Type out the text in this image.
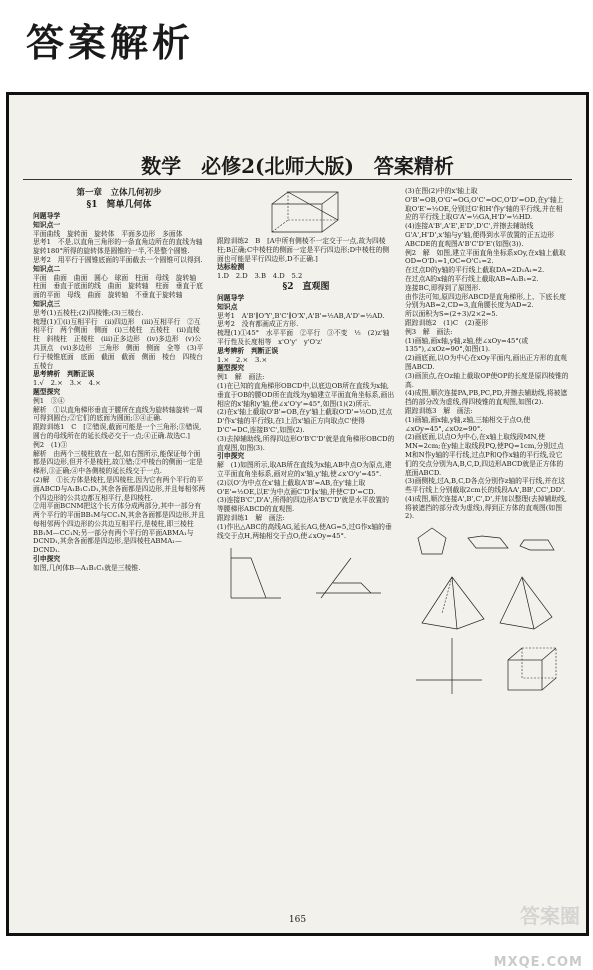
答案解析
数学　必修2(北师大版)　答案精析

第一章　立体几何初步

§1　简单几何体

问题导学

知识点一

平面曲线　旋转面　旋转体　平面多边形　多面体

思考1　不是,以直角三角形的一条直角边所在的直线为轴旋转180°所得的旋转体是圆锥的一半,不是整个圆锥.

思考2　用平行于圆锥底面的平面截去一个圆锥可以得到.

知识点二

平面　曲面　曲面　圆心　球面　柱面　母线　旋转轴　柱面　垂直于底面的线　曲面　旋转轴　柱面　垂直于底面的平面　母线　曲面　旋转轴　不垂直于旋转轴

知识点三

思考(1)五棱柱;(2)四棱锥;(3)三棱台.

梳理(1)①(i)互相平行　(ii)四边形　(iii)互相平行　②互相平行　两个侧面　侧面　(i)三棱柱　五棱柱　(ii)直棱柱　斜棱柱　正棱柱　(iii)正多边形　(iv)多边形　(v)公共顶点　(vi)多边形　三角形　侧面　侧面　全等　(3)平行于棱锥底面　底面　截面　截面　侧面　棱台　四棱台　五棱台

思考辨析　判断正误

1.√　2.×　3.×　4.×

题型探究

例1　③④

解析　①以直角梯形垂直于腰所在直线为旋转轴旋转一周可得到圆台;②它们的底面为圆面;③④正确.

跟踪训练1　C　[②错误,截面可能是一个三角形;③错误,圆台的母线所在的延长线必交于一点;④正确.故选C.]

例2　(1)③

解析　由两个三棱柱放在一起,如右图所示,能保证每个面都是四边形,但并不是棱柱,故①错;②中棱台的侧面一定是梯形,③正确;④中各侧棱的延长线交于一点.

(2)解　①长方体是棱柱,是四棱柱,因为它有两个平行的平面ABCD与A₁B₁C₁D₁,其余各面都是四边形,并且每相邻两个四边形的公共边都互相平行,是四棱柱.

②用平面BCNM把这个长方体分成两部分,其中一部分有两个平行的平面BB₁M与CC₁N,其余各面都是四边形,并且每相邻两个四边形的公共边互相平行,是棱柱,即三棱柱BB₁M—CC₁N;另一部分有两个平行的平面ABMA₁与DCND₁,其余各面都是四边形,是四棱柱ABMA₁—DCND₁.

引申探究

如图,几何体B—A₁B₁C₁就是三棱锥.

跟踪训练2　B　[A中所有侧棱不一定交于一点,故为四棱柱;B正确;C中棱柱的侧面一定是平行四边形;D中棱柱的侧面也可能是平行四边形,D不正确.]

达标检测

1.D　2.D　3.B　4.D　5.2

§2　直观图

问题导学

知识点

思考1　A'B'∥O'Y',B'C'∥O'X',A'B'=½AB,A'D'=½AD.

思考2　没有都画成正方形.

梳理(1)①45°　水平平面　②平行　③不变　½　(2)z'轴　平行性及长度相等　x'O'y'　y'O'z'

思考辨析　判断正误

1.×　2.×　3.×

题型探究

例1　解　画法:

(1)在已知的直角梯形OBCD中,以底边OB所在直线为x轴,垂直于OB的腰OD所在直线为y轴建立平面直角坐标系,画出相应的x'轴和y'轴,使∠x'O'y'=45°,如图(1)(2)所示.

(2)在x'轴上截取O'B'=OB,在y'轴上截取O'D'=½OD,过点D'作x'轴的平行线l,在l上沿x'轴正方向取点C'使得D'C'=DC,连接B'C',如图(2).

(3)去掉辅助线,所得四边形O'B'C'D'就是直角梯形OBCD的直观图,如图(3).

引申探究

解　(1)如图所示,取AB所在直线为x轴,AB中点O为原点,建立平面直角坐标系,画对应的x'轴,y'轴,使∠x'O'y'=45°.

(2)以O'为中点在x'轴上截取A'B'=AB,在y'轴上取O'E'=½OE,以E'为中点画C'D'∥x'轴,并使C'D'=CD.

(3)连接B'C',D'A',所得的四边形A'B'C'D'就是水平放置的等腰梯形ABCD的直观图.

跟踪训练1　解　画法:

(1)作出△ABC的高线AG,延长AG,使AG=5,过G作x轴的垂线交于点H,两轴相交于点O,使∠xOy=45°.

(3)在图(2)中的x'轴上取O'B'=OB,O'G'=OG,O'C'=OC,O'D'=OD,在y'轴上取O'E'=½OE,分别过G'和H'作y'轴的平行线,并在相应的平行线上取G'A'=½GA,H'D'=½HD.

(4)连接A'B',A'E',E'D',D'C',并擦去辅助线G'A',H'D',x'轴与y'轴,便得到水平放置的正五边形ABCDE的直观图A'B'C'D'E'(如图(3)).

例2　解　如图,建立平面直角坐标系xOy,在x轴上截取OD=O'D₁=1,OC=O'C₁=2.

在过点D的y轴的平行线上截取DA=2D₁A₁=2.

在过点A的x轴的平行线上截取AB=A₁B₁=2.

连接BC,即得到了原图形.

由作法可知,原四边形ABCD是直角梯形,上、下底长度分别为AB=2,CD=3,直角腰长度为AD=2.

所以面积为S=(2+3)/2×2=5.

跟踪训练2　(1)C　(2)菱形

例3　解　画法:

(1)画轴,画x轴,y轴,z轴,使∠xOy=45°(或135°),∠xOz=90°,如图(1).

(2)画底面,以O为中心在xOy平面内,画出正方形的直观图ABCD.

(3)画顶点,在Oz轴上截取OP使OP的长度是原四棱锥的高.

(4)成图,顺次连接PA,PB,PC,PD,并擦去辅助线,将被遮挡的部分改为虚线,得四棱锥的直观图,如图(2).

跟踪训练3　解　画法:

(1)画轴,画x轴,y轴,z轴,三轴相交于点O,使∠xOy=45°,∠xOz=90°.

(2)画底面,以点O为中心,在x轴上取线段MN,使MN=2cm;在y轴上取线段PQ,使PQ=1cm,分别过点M和N作y轴的平行线,过点P和Q作x轴的平行线,设它们的交点分别为A,B,C,D,四边形ABCD就是正方体的底面ABCD.

(3)画侧棱,过A,B,C,D各点分别作z轴的平行线,并在这些平行线上分别截取2cm长的线段AA',BB',CC',DD'.

(4)成图,顺次连接A',B',C',D',并加以整理(去掉辅助线,将被遮挡的部分改为虚线),得到正方体的直观图(如图2).

165	答案圈
MXQE.COM
